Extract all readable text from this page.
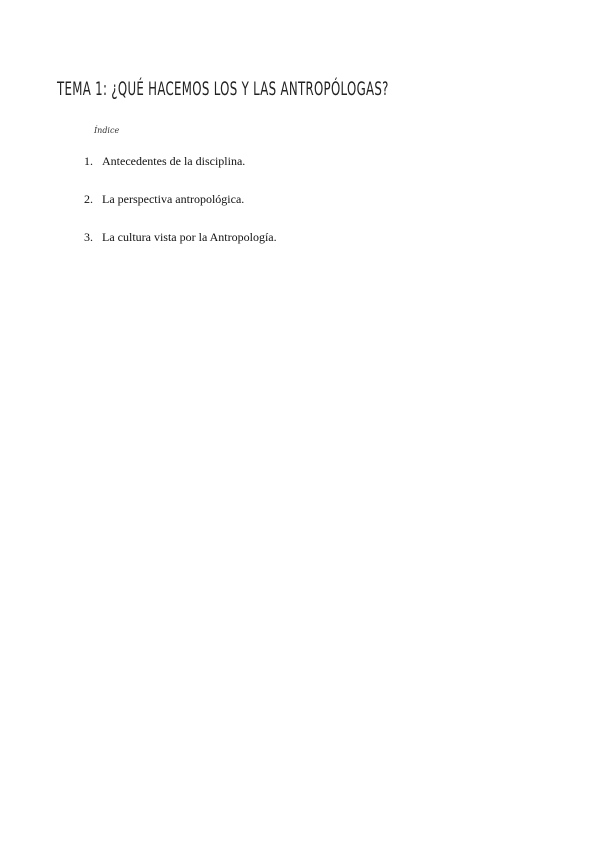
TEMA 1: ¿QUÉ HACEMOS LOS Y LAS ANTROPÓLOGAS?
Índice
1. Antecedentes de la disciplina.
2. La perspectiva antropológica.
3. La cultura vista por la Antropología.
